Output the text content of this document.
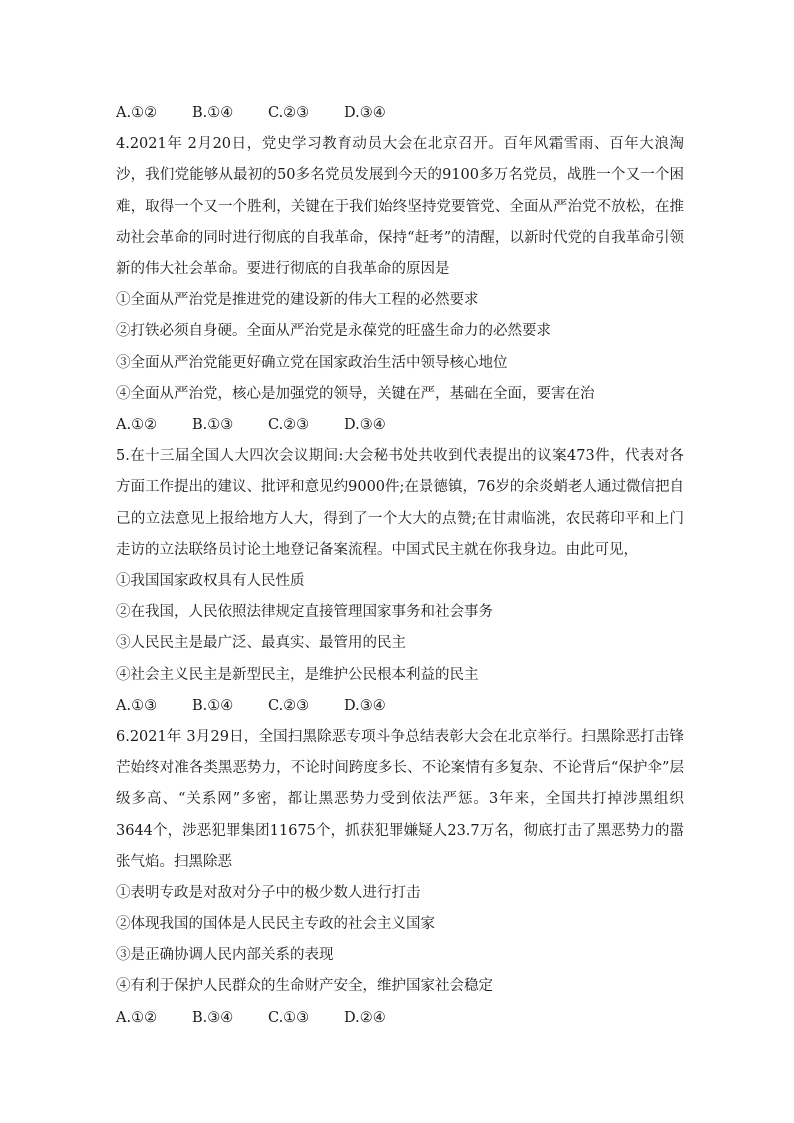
A.①② B.①④ C.②③ D.③④
4.2021年 2月20日，党史学习教育动员大会在北京召开。百年风霜雪雨、百年大浪淘沙，我们党能够从最初的50多名党员发展到今天的9100多万名党员，战胜一个又一个困难，取得一个又一个胜利，关键在于我们始终坚持党要管党、全面从严治党不放松，在推动社会革命的同时进行彻底的自我革命，保持“赶考”的清醒，以新时代党的自我革命引领新的伟大社会革命。要进行彻底的自我革命的原因是
①全面从严治党是推进党的建设新的伟大工程的必然要求
②打铁必须自身硬。全面从严治党是永葆党的旺盛生命力的必然要求
③全面从严治党能更好确立党在国家政治生活中领导核心地位
④全面从严治党，核心是加强党的领导，关键在严，基础在全面，要害在治
A.①② B.①③ C.②③ D.③④
5.在十三届全国人大四次会议期间:大会秘书处共收到代表提出的议案473件，代表对各方面工作提出的建议、批评和意见约9000件;在景德镇，76岁的余炎蛸老人通过微信把自己的立法意见上报给地方人大，得到了一个大大的点赞;在甘肃临洮，农民蒋印平和上门走访的立法联络员讨论土地登记备案流程。中国式民主就在你我身边。由此可见，
①我国国家政权具有人民性质
②在我国，人民依照法律规定直接管理国家事务和社会事务
③人民民主是最广泛、最真实、最管用的民主
④社会主义民主是新型民主，是维护公民根本利益的民主
A.①③ B.①④ C.②③ D.③④
6.2021年 3月29日，全国扫黑除恶专项斗争总结表彰大会在北京举行。扫黑除恶打击锋芒始终对准各类黑恶势力，不论时间跨度多长、不论案情有多复杂、不论背后“保护伞”层级多高、“关系网”多密，都让黑恶势力受到依法严惩。3年来，全国共打掉涉黑组织3644个，涉恶犯罪集团11675个，抓获犯罪嫌疑人23.7万名，彻底打击了黑恶势力的嚣张气焰。扫黑除恶
①表明专政是对敌对分子中的极少数人进行打击
②体现我国的国体是人民民主专政的社会主义国家
③是正确协调人民内部关系的表现
④有利于保护人民群众的生命财产安全，维护国家社会稳定
A.①② B.③④ C.①③ D.②④
